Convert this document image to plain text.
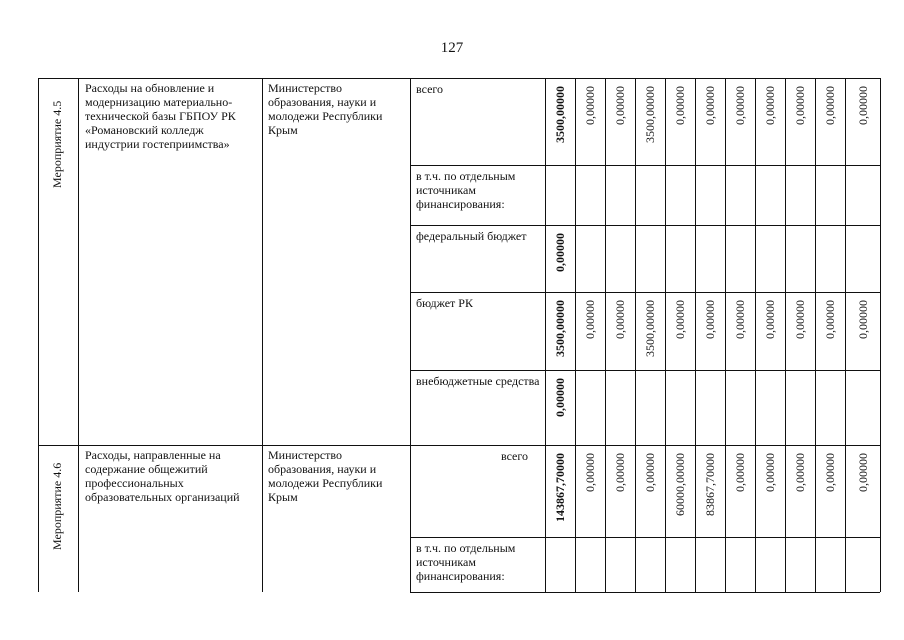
127
Мероприятие 4.5
Расходы на обновление и модернизацию материально-технической базы ГБПОУ РК «Романовский колледж индустрии гостеприимства»
Министерство образования, науки и молодежи Республики Крым
всего	3500,00000 0,00000 0,00000 3500,00000 0,00000 0,00000 0,00000 0,00000 0,00000 0,00000 0,00000
в т.ч. по отдельным источникам финансирования:
федеральный бюджет	0,00000
бюджет РК	3500,00000 0,00000 0,00000 3500,00000 0,00000 0,00000 0,00000 0,00000 0,00000 0,00000 0,00000
внебюджетные средства 0,00000
Мероприятие 4.6
Расходы, направленные на содержание общежитий профессиональных образовательных организаций
Министерство образования, науки и молодежи Республики Крым
всего 143867,70000 0,00000 0,00000 0,00000 60000,00000 83867,70000 0,00000 0,00000 0,00000 0,00000 0,00000
в т.ч. по отдельным источникам финансирования:
